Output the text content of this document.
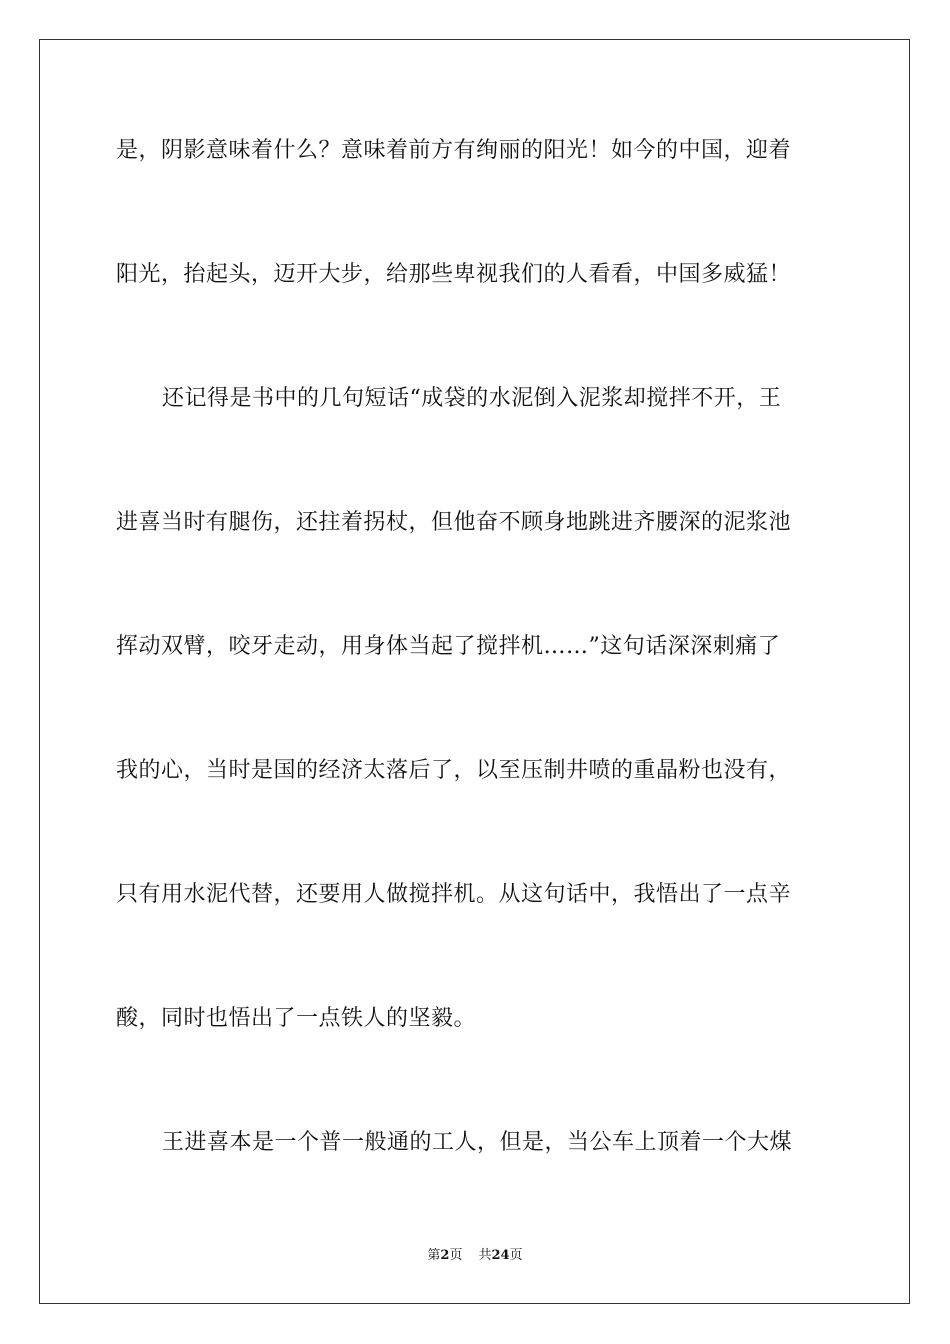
是，阴影意味着什么？意味着前方有绚丽的阳光！如今的中国，迎着
阳光，抬起头，迈开大步，给那些卑视我们的人看看，中国多威猛！
还记得是书中的几句短话“成袋的水泥倒入泥浆却搅拌不开，王
进喜当时有腿伤，还拄着拐杖，但他奋不顾身地跳进齐腰深的泥浆池
挥动双臂，咬牙走动，用身体当起了搅拌机……”这句话深深刺痛了
我的心，当时是国的经济太落后了，以至压制井喷的重晶粉也没有，
只有用水泥代替，还要用人做搅拌机。从这句话中，我悟出了一点辛
酸，同时也悟出了一点铁人的坚毅。
王进喜本是一个普一般通的工人，但是，当公车上顶着一个大煤
第2页 共24页
